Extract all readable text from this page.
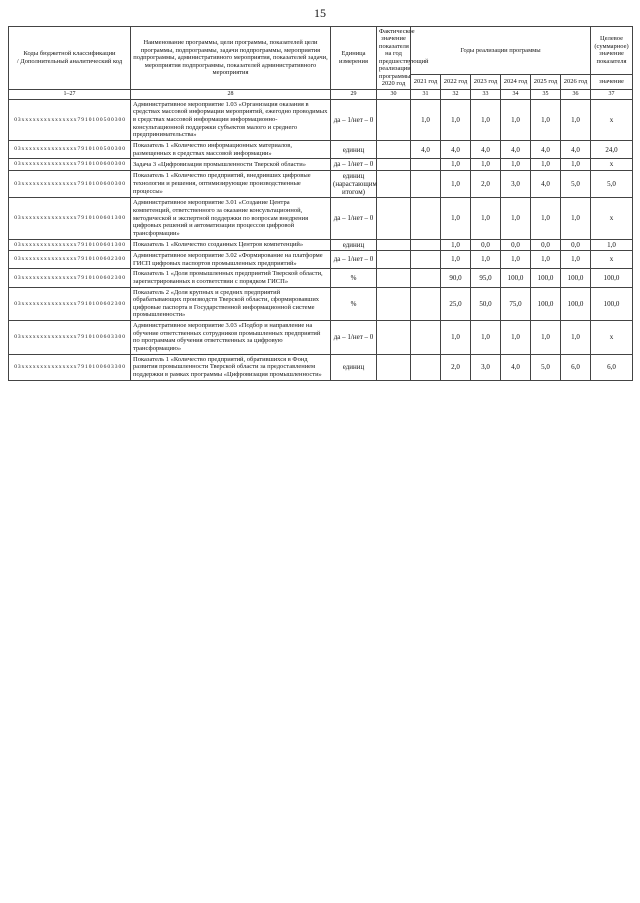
15
Коды бюджетной классификации
/ Дополнительный аналитический код	Наименование программы, цели программы, показателей цели программы, подпрограммы, задачи подпрограммы, мероприятия подпрограммы, административного мероприятия, показателей задачи, мероприятия подпрограммы, показателей административного мероприятия	Единица измерения	Фактическое значение показателя на год предшествующий реализации программы 2020 год	Годы реализации программы						Целевое (суммарное) значение показателя
				2021 год	2022 год	2023 год	2024 год	2025 год	2026 год	значение
1–27	28	29	30	31	32	33	34	35	36	37
0 3 x x x x x x x x x x x x x x x 7 9 1 0 1 0 0 5 0 0 3 0 0	Административное мероприятие 1.03 «Организация оказания в средствах массовой информации мероприятий, ежегодно проводимых в средствах массовой информации информационно-консультационной поддержки субъектов малого и среднего предпринимательства»	да – 1/нет – 0		1,0	1,0	1,0	1,0	1,0	1,0	x
0 3 x x x x x x x x x x x x x x x 7 9 1 0 1 0 0 5 0 0 3 0 0	Показатель 1 «Количество информационных материалов, размещенных в средствах массовой информации»	единиц		4,0	4,0	4,0	4,0	4,0	4,0	24,0
0 3 x x x x x x x x x x x x x x x 7 9 1 0 1 0 0 6 0 0 3 0 0	Задача 3 «Цифровизация промышленности Тверской области»	да – 1/нет – 0			1,0	1,0	1,0	1,0	1,0	x
0 3 x x x x x x x x x x x x x x x 7 9 1 0 1 0 0 6 0 0 3 0 0	Показатель 1 «Количество предприятий, внедривших цифровые технологии и решения, оптимизирующие производственные процессы»	единиц (нарастающим итогом)			1,0	2,0	3,0	4,0	5,0	5,0
0 3 x x x x x x x x x x x x x x x 7 9 1 0 1 0 0 6 0 1 3 0 0	Административное мероприятие 3.01 «Создание Центра компетенций, ответственного за оказание консультационной, методической и экспертной поддержки по вопросам внедрения цифровых решений и автоматизации процессов цифровой трансформации»	да – 1/нет – 0			1,0	1,0	1,0	1,0	1,0	x
0 3 x x x x x x x x x x x x x x x 7 9 1 0 1 0 0 6 0 1 3 0 0	Показатель 1 «Количество созданных Центров компетенций»	единиц			1,0	0,0	0,0	0,0	0,0	1,0
0 3 x x x x x x x x x x x x x x x 7 9 1 0 1 0 0 6 0 2 3 0 0	Административное мероприятие 3.02 «Формирование на платформе ГИСП цифровых паспортов промышленных предприятий»	да – 1/нет – 0			1,0	1,0	1,0	1,0	1,0	x
0 3 x x x x x x x x x x x x x x x 7 9 1 0 1 0 0 6 0 2 3 0 0	Показатель 1 «Доля промышленных предприятий Тверской области, зарегистрированных в соответствии с порядком ГИСП»	%			90,0	95,0	100,0	100,0	100,0	100,0
0 3 x x x x x x x x x x x x x x x 7 9 1 0 1 0 0 6 0 2 3 0 0	Показатель 2 «Доля крупных и средних предприятий обрабатывающих производств Тверской области, сформировавших цифровые паспорта в Государственной информационной системе промышленности»	%			25,0	50,0	75,0	100,0	100,0	100,0
0 3 x x x x x x x x x x x x x x x 7 9 1 0 1 0 0 6 0 3 3 0 0	Административное мероприятие 3.03 «Подбор и направление на обучение ответственных сотрудников промышленных предприятий по программам обучения ответственных за цифровую трансформацию»	да – 1/нет – 0			1,0	1,0	1,0	1,0	1,0	x
0 3 x x x x x x x x x x x x x x x 7 9 1 0 1 0 0 6 0 3 3 0 0	Показатель 1 «Количество предприятий, обратившихся в Фонд развития промышленности Тверской области за предоставлением поддержки в рамках программы «Цифровизация промышленности»	единиц			2,0	3,0	4,0	5,0	6,0	6,0
